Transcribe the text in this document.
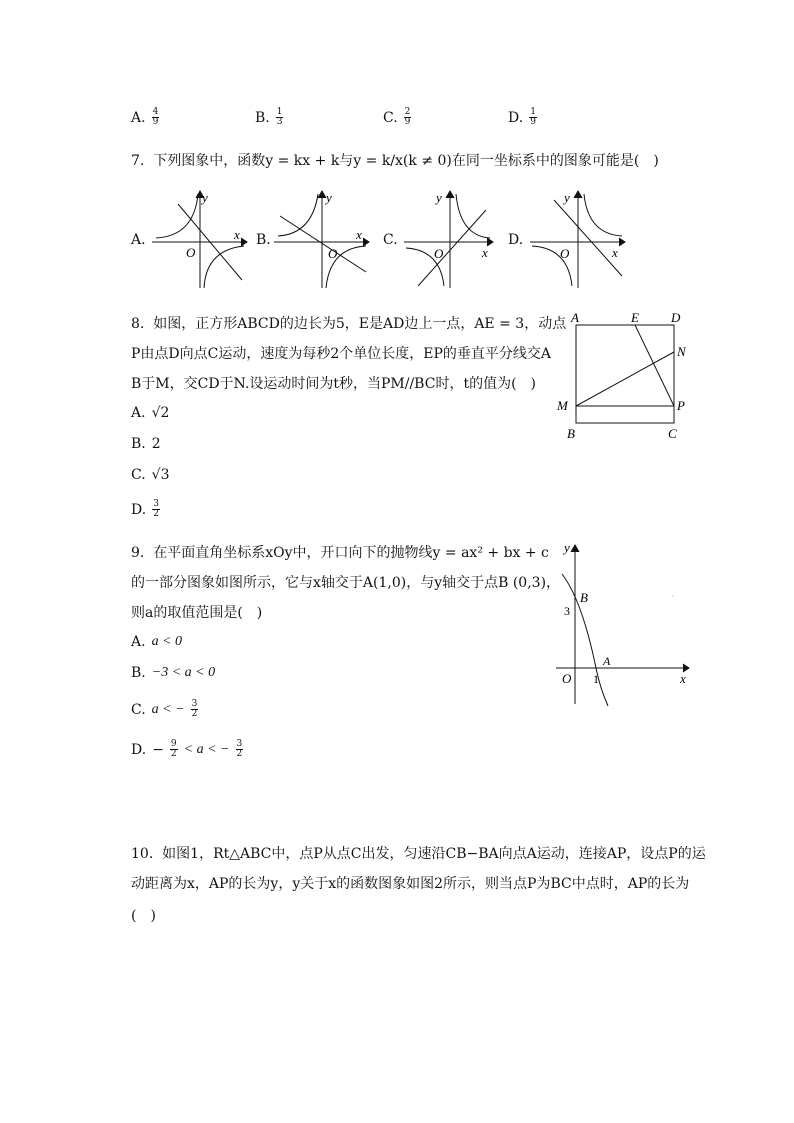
A. 4
9	B. 1
3	C. 2
9	D. 1
9
7. 下列图象中，函数y = kx + k与y = k/x(k ≠ 0)在同一坐标系中的图象可能是(　)
A.
y
x
O
B.
y
x
O
C.
y
x
O
D.
y
x
O
8. 如图，正方形ABCD的边长为5，E是AD边上一点，AE = 3，动点
P由点D向点C运动，速度为每秒2个单位长度，EP的垂直平分线交A
B于M，交CD于N.设运动时间为t秒，当PM//BC时，t的值为(　)
A. √2
B. 2
C. √3
D. 3
2
A	E D
N
M	P
B	C
9. 在平面直角坐标系xOy中，开口向下的抛物线y = ax² + bx + c
的一部分图象如图所示，它与x轴交于A(1,0)，与y轴交于点B (0,3)，
则a的取值范围是(　)
A. a < 0
B. −3 < a < 0
C. a < − $\frac{3}{2}$
D. − $\frac{9}{2} < a$ < − $\frac{3}{2}$
y
x
O
B
A
3
1
·
10. 如图1，Rt△ABC中，点P从点C出发，匀速沿CB−BA向点A运动，连接AP，设点P的运
动距离为x，AP的长为y，y关于x的函数图象如图2所示，则当点P为BC中点时，AP的长为
(　)
